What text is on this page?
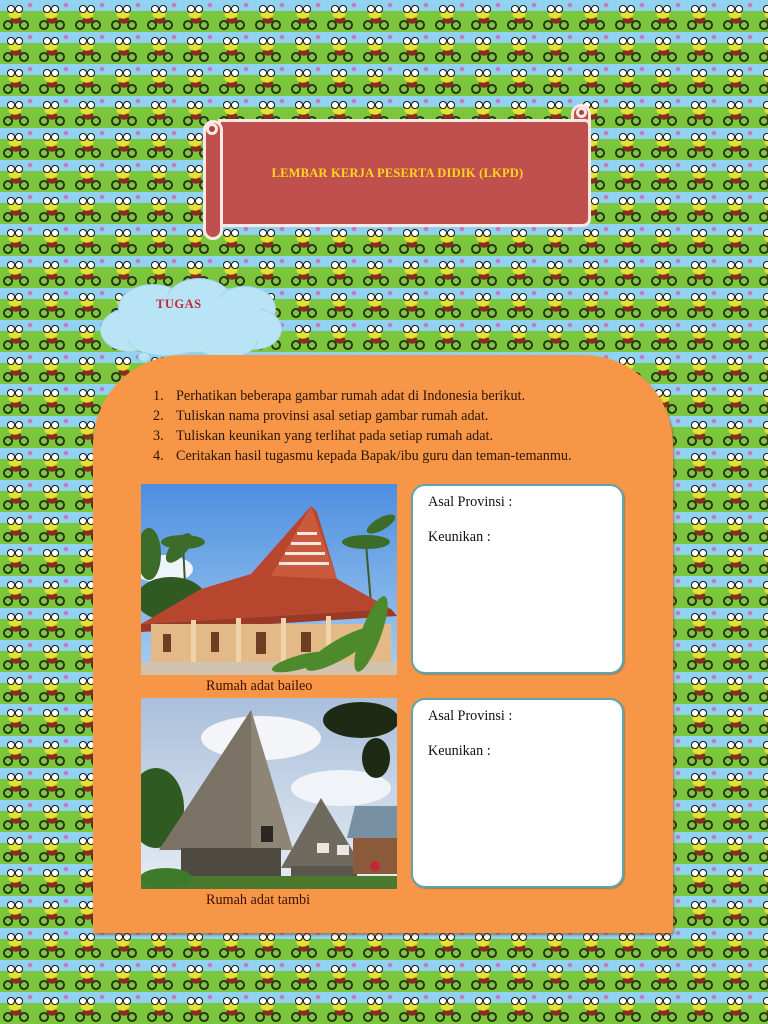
LEMBAR KERJA PESERTA DIDIK (LKPD)
TUGAS
1. Perhatikan beberapa gambar rumah adat di Indonesia berikut.
2. Tuliskan nama provinsi asal setiap gambar rumah adat.
3. Tuliskan keunikan yang terlihat pada setiap rumah adat.
4. Ceritakan hasil tugasmu kepada Bapak/ibu guru dan teman-temanmu.
Rumah adat baileo
Asal Provinsi :
Keunikan :
Rumah adat tambi
Asal Provinsi :
Keunikan :
